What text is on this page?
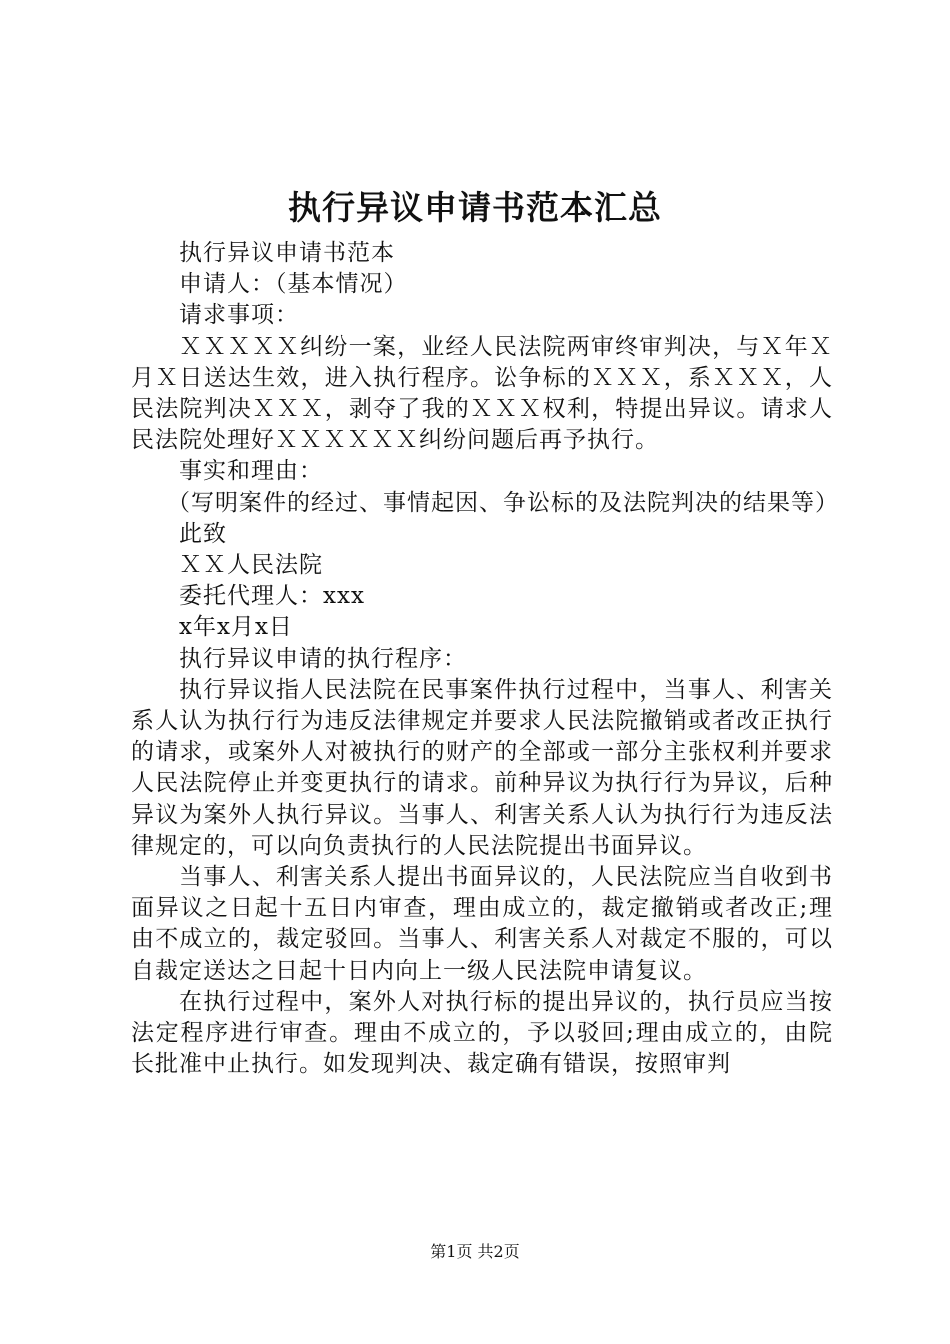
执行异议申请书范本汇总

执行异议申请书范本

申请人：（基本情况）

请求事项：

ＸＸＸＸＸ纠纷一案，业经人民法院两审终审判决，与Ｘ年Ｘ月Ｘ日送达生效，进入执行程序。讼争标的ＸＸＸ，系ＸＸＸ，人民法院判决ＸＸＸ，剥夺了我的ＸＸＸ权利，特提出异议。请求人民法院处理好ＸＸＸＸＸＸ纠纷问题后再予执行。

事实和理由：

（写明案件的经过、事情起因、争讼标的及法院判决的结果等）

此致

ＸＸ人民法院

委托代理人：xxx

x年x月x日

执行异议申请的执行程序：

执行异议指人民法院在民事案件执行过程中，当事人、利害关系人认为执行行为违反法律规定并要求人民法院撤销或者改正执行的请求，或案外人对被执行的财产的全部或一部分主张权利并要求人民法院停止并变更执行的请求。前种异议为执行行为异议，后种异议为案外人执行异议。当事人、利害关系人认为执行行为违反法律规定的，可以向负责执行的人民法院提出书面异议。

当事人、利害关系人提出书面异议的，人民法院应当自收到书面异议之日起十五日内审查，理由成立的，裁定撤销或者改正;理由不成立的，裁定驳回。当事人、利害关系人对裁定不服的，可以自裁定送达之日起十日内向上一级人民法院申请复议。

在执行过程中，案外人对执行标的提出异议的，执行员应当按法定程序进行审查。理由不成立的，予以驳回;理由成立的，由院长批准中止执行。如发现判决、裁定确有错误，按照审判

第1页 共2页
